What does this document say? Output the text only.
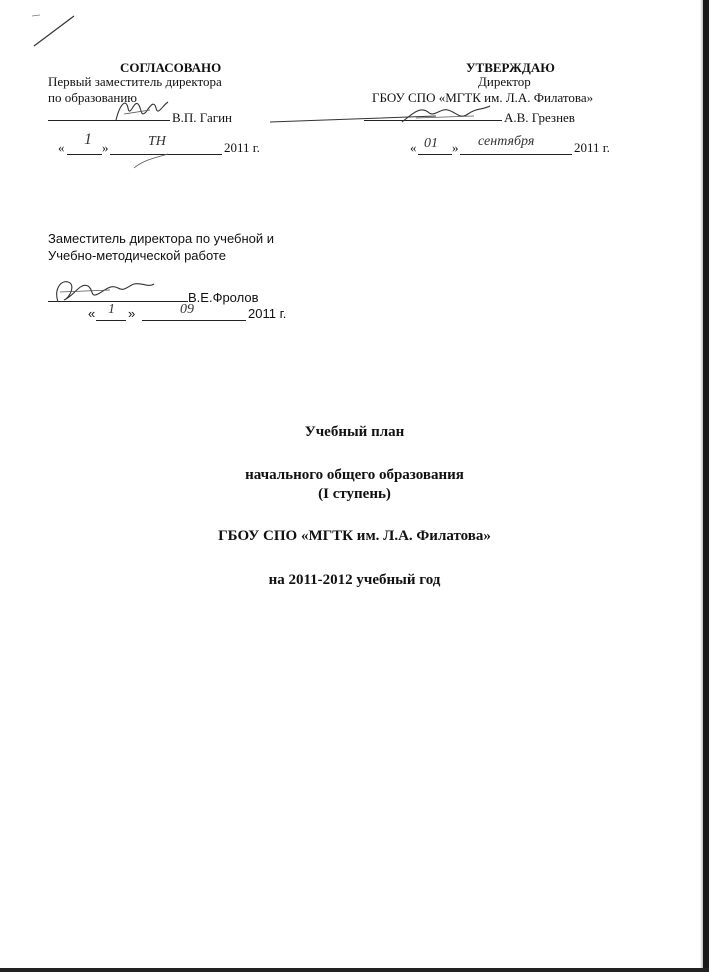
СОГЛАСОВАНО
Первый заместитель директора
по образованию
В.П. Гагин
« 1 »	ТН	2011 г.
УТВЕРЖДАЮ
Директор
ГБОУ СПО «МГТК им. Л.А. Филатова»
А.В. Грезнев
« 01 » сентября	2011 г.
Заместитель директора по учебной и
Учебно-методической работе
В.Е.Фролов
« 1 »	09	2011 г.
Учебный план
начального общего образования
(I ступень)
ГБОУ СПО «МГТК им. Л.А. Филатова»
на 2011-2012 учебный год
